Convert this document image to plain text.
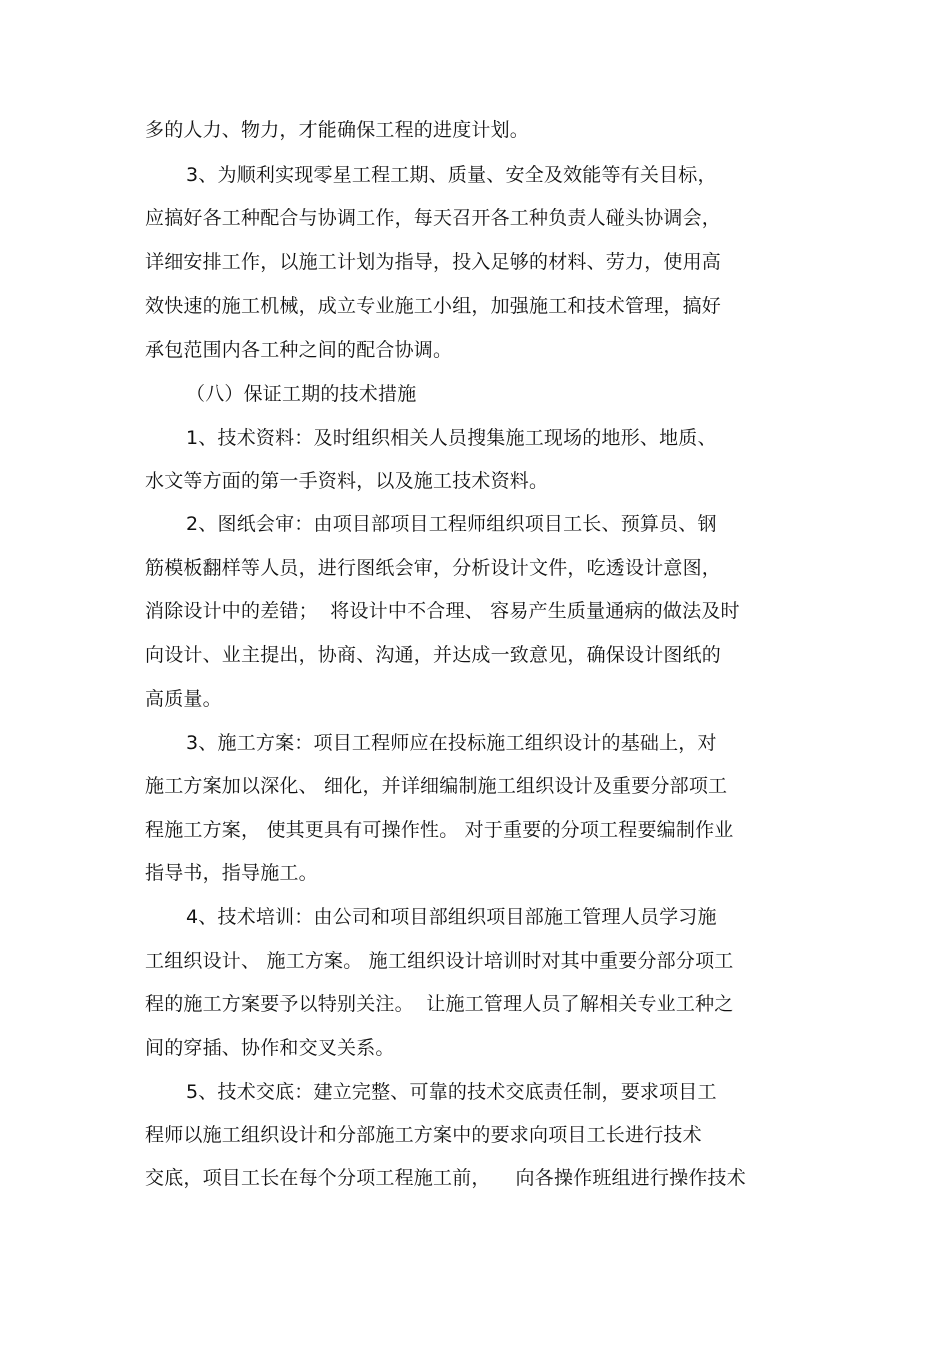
多的人力、物力，才能确保工程的进度计划。
3、为顺利实现零星工程工期、质量、安全及效能等有关目标，
应搞好各工种配合与协调工作，每天召开各工种负责人碰头协调会，
详细安排工作，以施工计划为指导，投入足够的材料、劳力，使用高
效快速的施工机械，成立专业施工小组，加强施工和技术管理，搞好
承包范围内各工种之间的配合协调。
（八）保证工期的技术措施
1、技术资料：及时组织相关人员搜集施工现场的地形、地质、
水文等方面的第一手资料，以及施工技术资料。
2、图纸会审：由项目部项目工程师组织项目工长、预算员、钢
筋模板翻样等人员，进行图纸会审，分析设计文件，吃透设计意图，
消除设计中的差错；  将设计中不合理、 容易产生质量通病的做法及时
向设计、业主提出，协商、沟通，并达成一致意见，确保设计图纸的
高质量。
3、施工方案：项目工程师应在投标施工组织设计的基础上，对
施工方案加以深化、 细化，并详细编制施工组织设计及重要分部项工
程施工方案， 使其更具有可操作性。 对于重要的分项工程要编制作业
指导书，指导施工。
4、技术培训：由公司和项目部组织项目部施工管理人员学习施
工组织设计、 施工方案。 施工组织设计培训时对其中重要分部分项工
程的施工方案要予以特别关注。  让施工管理人员了解相关专业工种之
间的穿插、协作和交叉关系。
5、技术交底：建立完整、可靠的技术交底责任制，要求项目工
程师以施工组织设计和分部施工方案中的要求向项目工长进行技术
交底，项目工长在每个分项工程施工前，    向各操作班组进行操作技术
